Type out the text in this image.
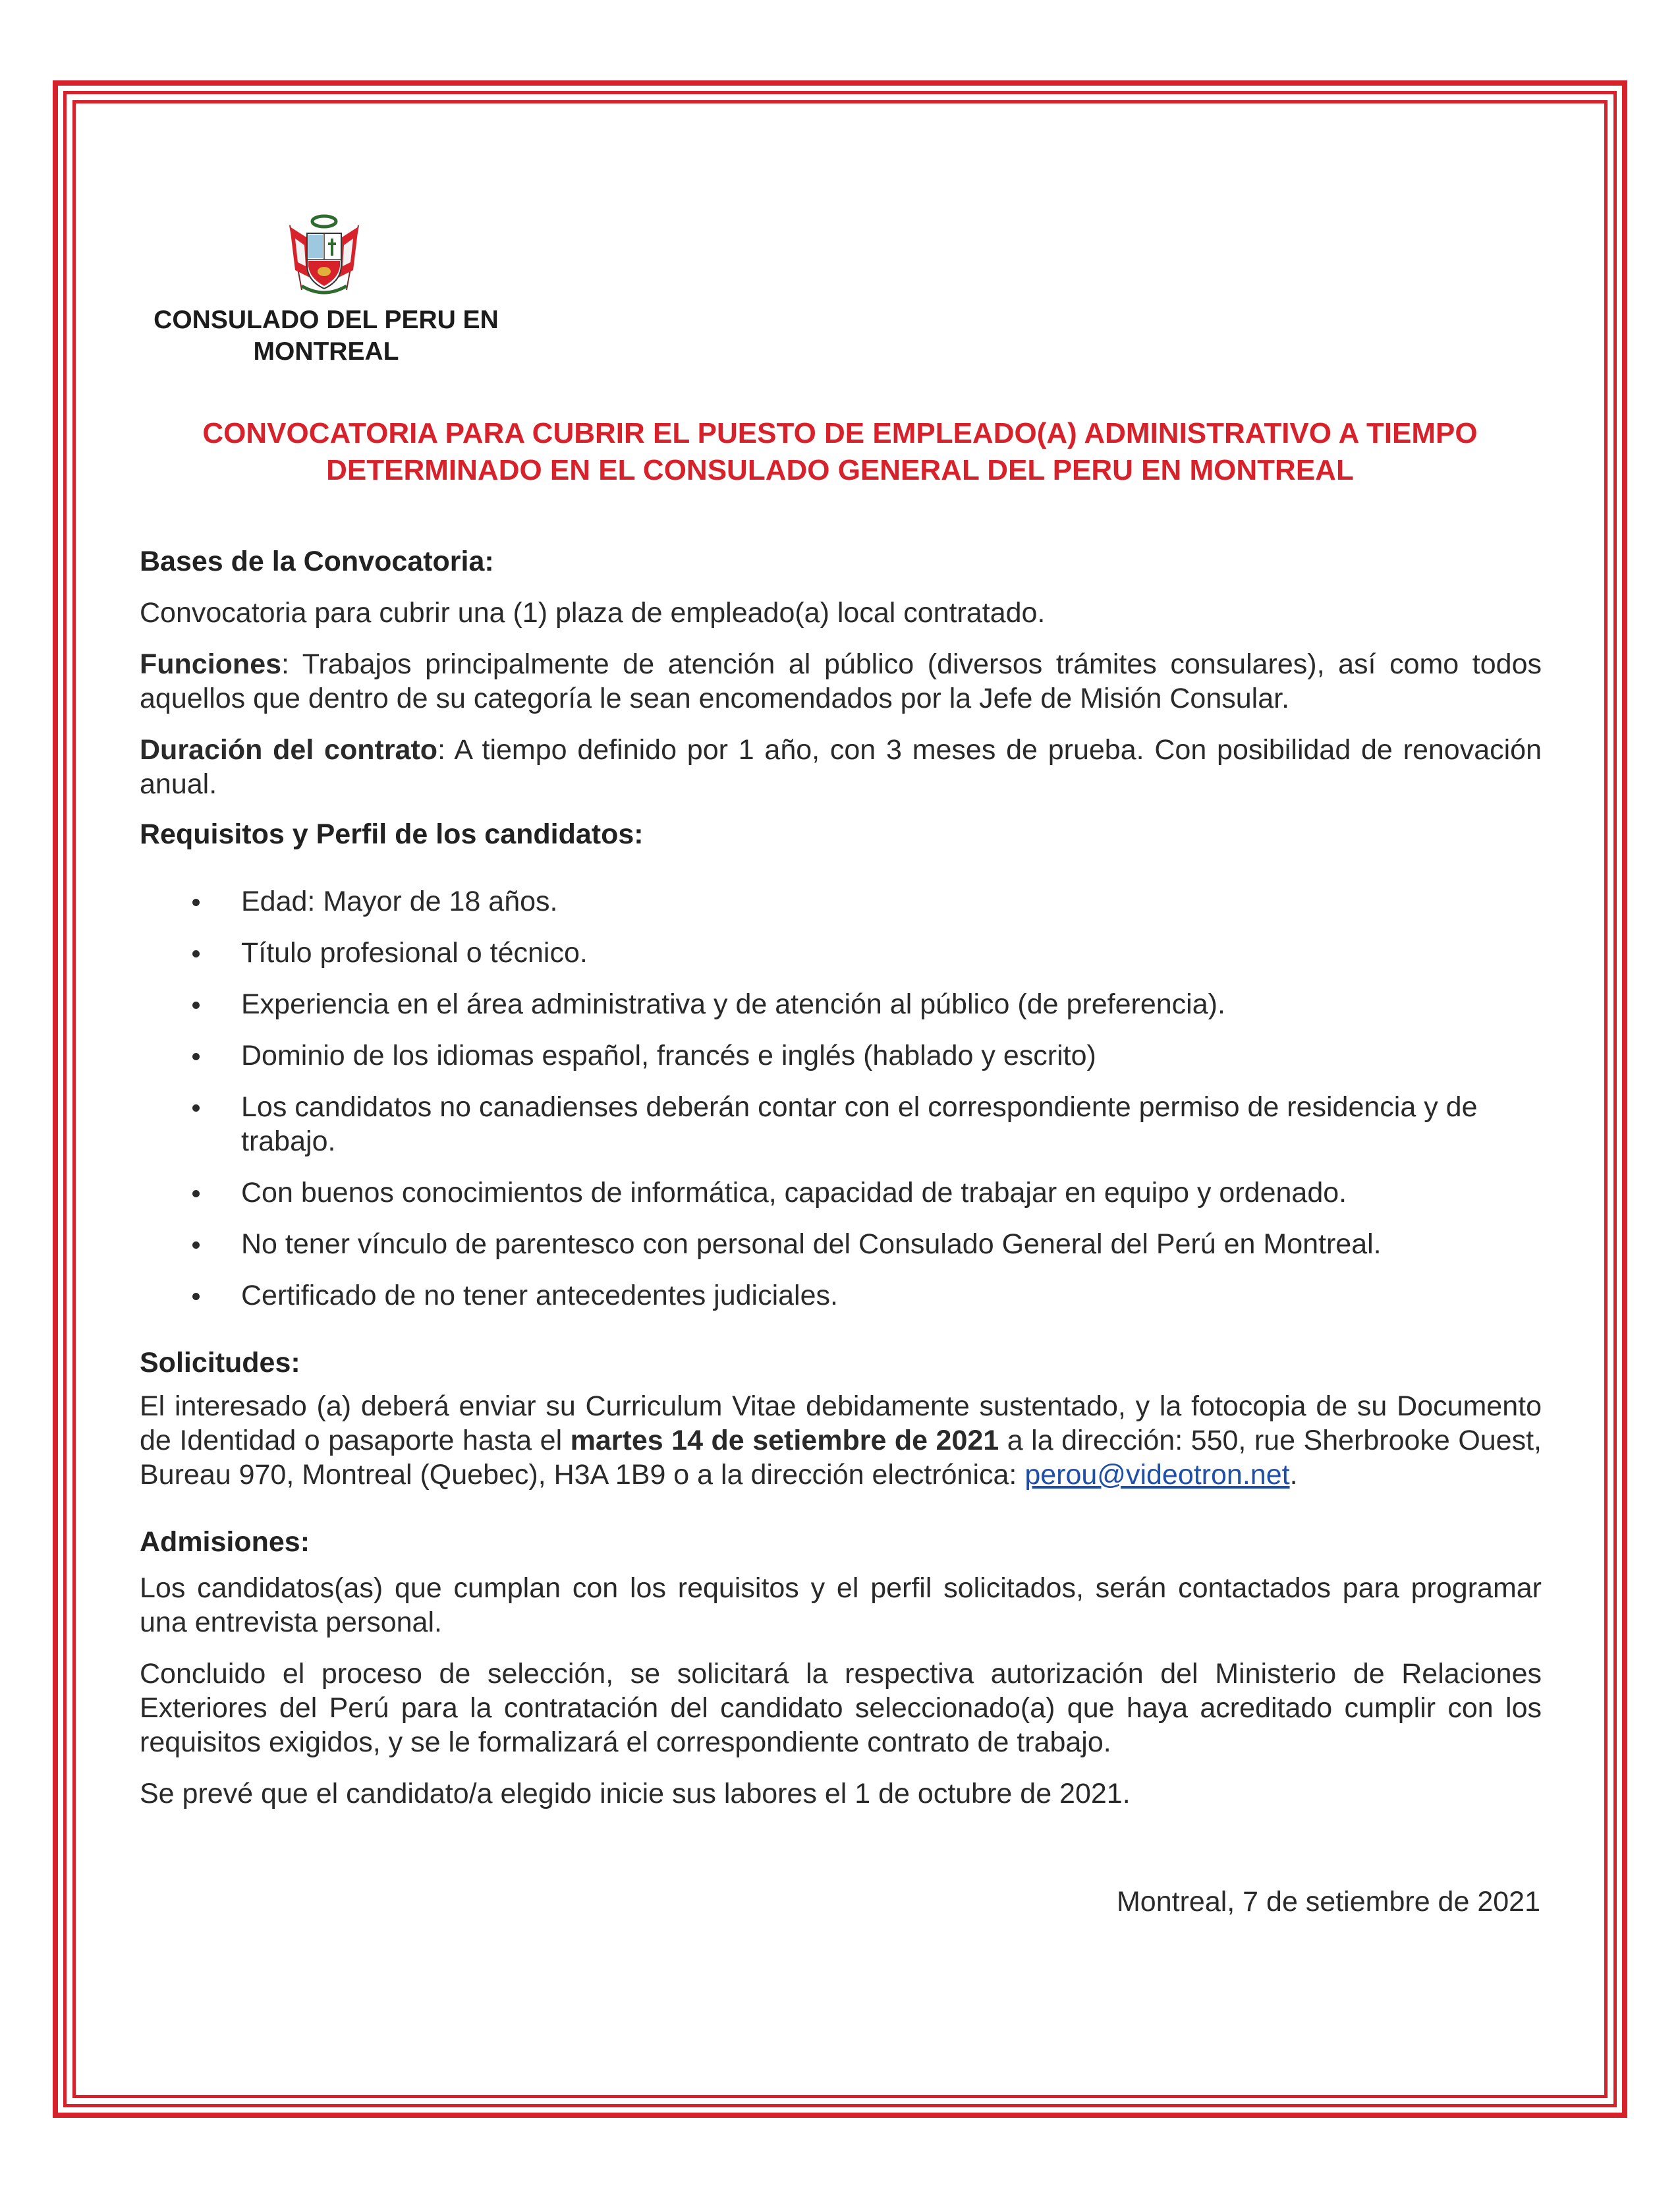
CONSULADO DEL PERU EN
MONTREAL
CONVOCATORIA PARA CUBRIR EL PUESTO DE EMPLEADO(A) ADMINISTRATIVO A TIEMPO
DETERMINADO EN EL CONSULADO GENERAL DEL PERU EN MONTREAL

Bases de la Convocatoria:

Convocatoria para cubrir una (1) plaza de empleado(a) local contratado.

Funciones: Trabajos principalmente de atención al público (diversos trámites consulares), así como todos aquellos que dentro de su categoría le sean encomendados por la Jefe de Misión Consular.

Duración del contrato: A tiempo definido por 1 año, con 3 meses de prueba. Con posibilidad de renovación anual.

Requisitos y Perfil de los candidatos:

Edad: Mayor de 18 años.
Título profesional o técnico.
Experiencia en el área administrativa y de atención al público (de preferencia).
Dominio de los idiomas español, francés e inglés (hablado y escrito)
Los candidatos no canadienses deberán contar con el correspondiente permiso de residencia y de trabajo.
Con buenos conocimientos de informática, capacidad de trabajar en equipo y ordenado.
No tener vínculo de parentesco con personal del Consulado General del Perú en Montreal.
Certificado de no tener antecedentes judiciales.

Solicitudes:

El interesado (a) deberá enviar su Curriculum Vitae debidamente sustentado, y la fotocopia de su Documento de Identidad o pasaporte hasta el martes 14 de setiembre de 2021 a la dirección: 550, rue Sherbrooke Ouest, Bureau 970, Montreal (Quebec), H3A 1B9 o a la dirección electrónica: perou@videotron.net.

Admisiones:

Los candidatos(as) que cumplan con los requisitos y el perfil solicitados, serán contactados para programar una entrevista personal.

Concluido el proceso de selección, se solicitará la respectiva autorización del Ministerio de Relaciones Exteriores del Perú para la contratación del candidato seleccionado(a) que haya acreditado cumplir con los requisitos exigidos, y se le formalizará el correspondiente contrato de trabajo.

Se prevé que el candidato/a elegido inicie sus labores el 1 de octubre de 2021.

Montreal, 7 de setiembre de 2021
